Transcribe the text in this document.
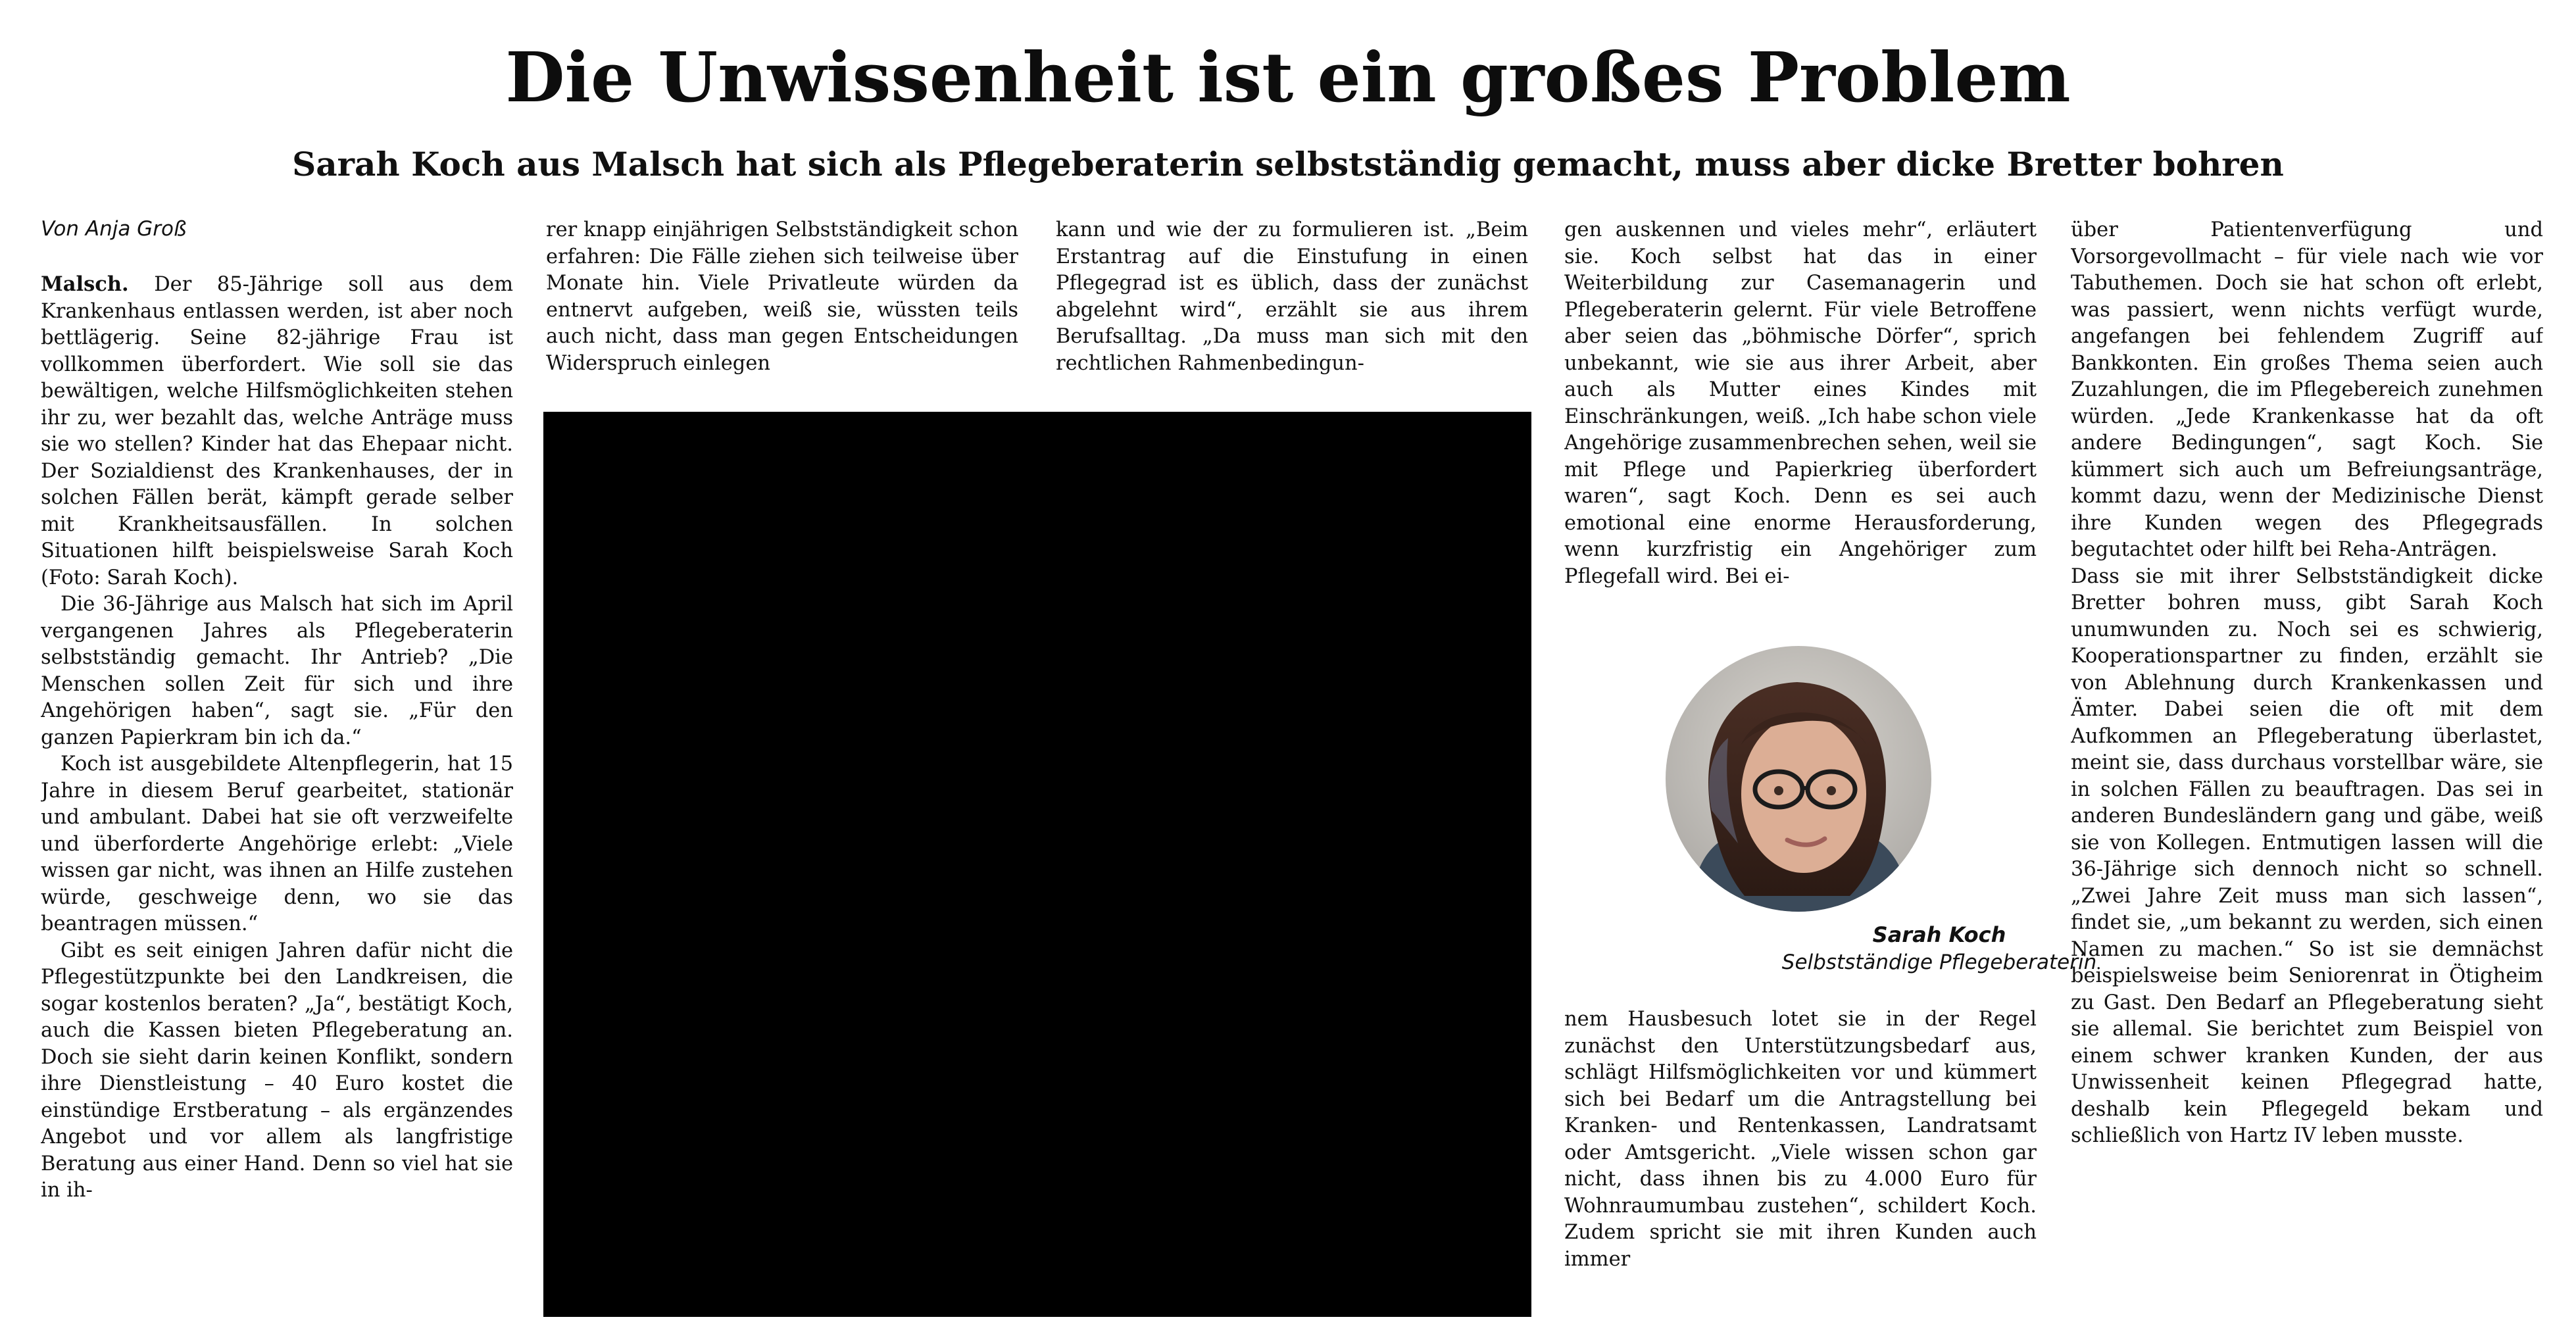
Die Unwissenheit ist ein großes Problem
Sarah Koch aus Malsch hat sich als Pflegeberaterin selbstständig gemacht, muss aber dicke Bretter bohren

Von Anja Groß

Malsch. Der 85-Jährige soll aus dem Krankenhaus entlassen werden, ist aber noch bettlägerig. Seine 82-jährige Frau ist vollkommen überfordert. Wie soll sie das bewältigen, welche Hilfsmöglichkeiten stehen ihr zu, wer bezahlt das, welche Anträge muss sie wo stellen? Kinder hat das Ehepaar nicht. Der Sozialdienst des Krankenhauses, der in solchen Fällen berät, kämpft gerade selber mit Krankheitsausfällen. In solchen Situationen hilft beispielsweise Sarah Koch (Foto: Sarah Koch).

Die 36-Jährige aus Malsch hat sich im April vergangenen Jahres als Pflegeberaterin selbstständig gemacht. Ihr Antrieb? „Die Menschen sollen Zeit für sich und ihre Angehörigen haben“, sagt sie. „Für den ganzen Papierkram bin ich da.“

Koch ist ausgebildete Altenpflegerin, hat 15 Jahre in diesem Beruf gearbeitet, stationär und ambulant. Dabei hat sie oft verzweifelte und überforderte Angehörige erlebt: „Viele wissen gar nicht, was ihnen an Hilfe zustehen würde, geschweige denn, wo sie das beantragen müssen.“

Gibt es seit einigen Jahren dafür nicht die Pflegestützpunkte bei den Landkreisen, die sogar kostenlos beraten? „Ja“, bestätigt Koch, auch die Kassen bieten Pflegeberatung an. Doch sie sieht darin keinen Konflikt, sondern ihre Dienstleistung – 40 Euro kostet die einstündige Erstberatung – als ergänzendes Angebot und vor allem als langfristige Beratung aus einer Hand. Denn so viel hat sie in ih-

rer knapp einjährigen Selbstständigkeit schon erfahren: Die Fälle ziehen sich teilweise über Monate hin. Viele Privatleute würden da entnervt aufgeben, weiß sie, wüssten teils auch nicht, dass man gegen Entscheidungen Widerspruch einlegen

kann und wie der zu formulieren ist. „Beim Erstantrag auf die Einstufung in einen Pflegegrad ist es üblich, dass der zunächst abgelehnt wird“, erzählt sie aus ihrem Berufsalltag. „Da muss man sich mit den rechtlichen Rahmenbedingun-

gen auskennen und vieles mehr“, erläutert sie. Koch selbst hat das in einer Weiterbildung zur Casemanagerin und Pflegeberaterin gelernt. Für viele Betroffene aber seien das „böhmische Dörfer“, sprich unbekannt, wie sie aus ihrer Arbeit, aber auch als Mutter eines Kindes mit Einschränkungen, weiß. „Ich habe schon viele Angehörige zusammenbrechen sehen, weil sie mit Pflege und Papierkrieg überfordert waren“, sagt Koch. Denn es sei auch emotional eine enorme Herausforderung, wenn kurzfristig ein Angehöriger zum Pflegefall wird. Bei ei-

Sarah Koch

Selbstständige Pflegeberaterin

nem Hausbesuch lotet sie in der Regel zunächst den Unterstützungsbedarf aus, schlägt Hilfsmöglichkeiten vor und kümmert sich bei Bedarf um die Antragstellung bei Kranken- und Rentenkassen, Landratsamt oder Amtsgericht. „Viele wissen schon gar nicht, dass ihnen bis zu 4.000 Euro für Wohnraumumbau zustehen“, schildert Koch. Zudem spricht sie mit ihren Kunden auch immer

über Patientenverfügung und Vorsorgevollmacht – für viele nach wie vor Tabuthemen. Doch sie hat schon oft erlebt, was passiert, wenn nichts verfügt wurde, angefangen bei fehlendem Zugriff auf Bankkonten. Ein großes Thema seien auch Zuzahlungen, die im Pflegebereich zunehmen würden. „Jede Krankenkasse hat da oft andere Bedingungen“, sagt Koch. Sie kümmert sich auch um Befreiungsanträge, kommt dazu, wenn der Medizinische Dienst ihre Kunden wegen des Pflegegrads begutachtet oder hilft bei Reha-Anträgen.

Dass sie mit ihrer Selbstständigkeit dicke Bretter bohren muss, gibt Sarah Koch unumwunden zu. Noch sei es schwierig, Kooperationspartner zu finden, erzählt sie von Ablehnung durch Krankenkassen und Ämter. Dabei seien die oft mit dem Aufkommen an Pflegeberatung überlastet, meint sie, dass durchaus vorstellbar wäre, sie in solchen Fällen zu beauftragen. Das sei in anderen Bundesländern gang und gäbe, weiß sie von Kollegen. Entmutigen lassen will die 36-Jährige sich dennoch nicht so schnell. „Zwei Jahre Zeit muss man sich lassen“, findet sie, „um bekannt zu werden, sich einen Namen zu machen.“ So ist sie demnächst beispielsweise beim Seniorenrat in Ötigheim zu Gast. Den Bedarf an Pflegeberatung sieht sie allemal. Sie berichtet zum Beispiel von einem schwer kranken Kunden, der aus Unwissenheit keinen Pflegegrad hatte, deshalb kein Pflegegeld bekam und schließlich von Hartz IV leben musste.
